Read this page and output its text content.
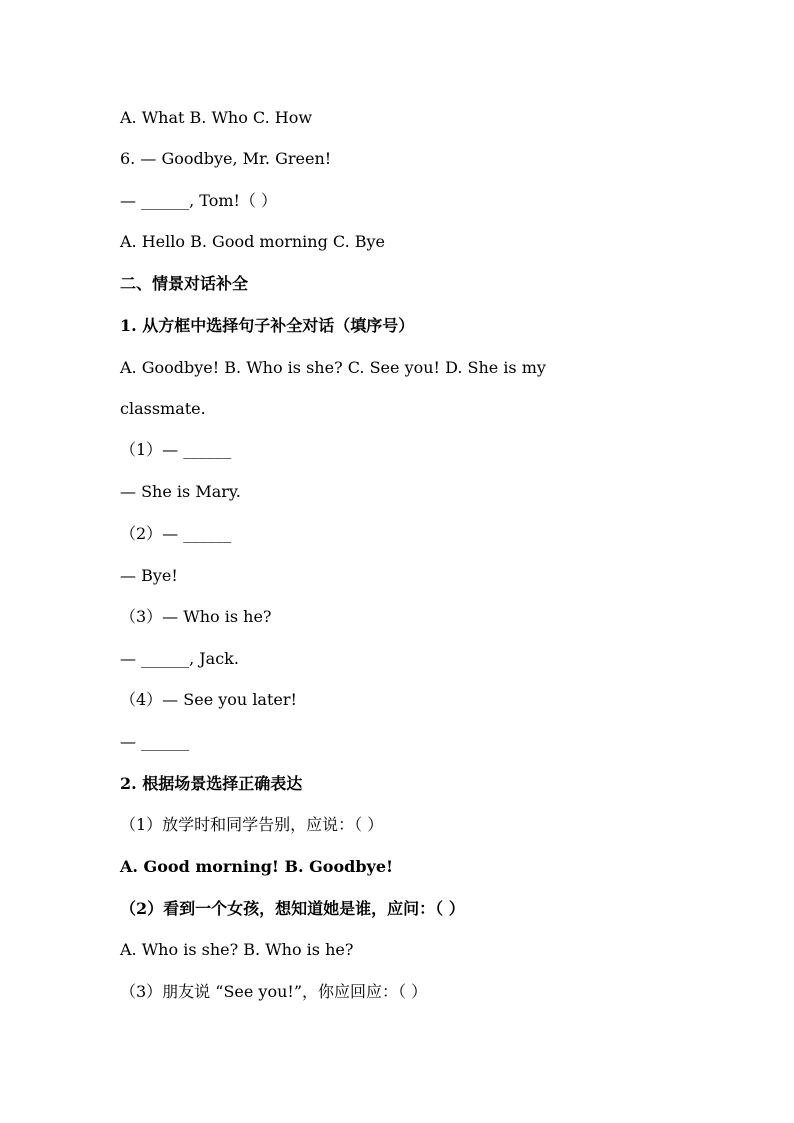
A. What B. Who C. How
6. — Goodbye, Mr. Green!
— ______, Tom!（ ）
A. Hello B. Good morning C. Bye
二、情景对话补全
1. 从方框中选择句子补全对话（填序号）
A. Goodbye! B. Who is she? C. See you! D. She is my
classmate.
（1）— ______
— She is Mary.
（2）— ______
— Bye!
（3）— Who is he?
— ______, Jack.
（4）— See you later!
— ______
2. 根据场景选择正确表达
（1）放学时和同学告别，应说：（ ）
A. Good morning! B. Goodbye!
（2）看到一个女孩，想知道她是谁，应问：（ ）
A. Who is she? B. Who is he?
（3）朋友说 “See you!”，你应回应：（ ）
